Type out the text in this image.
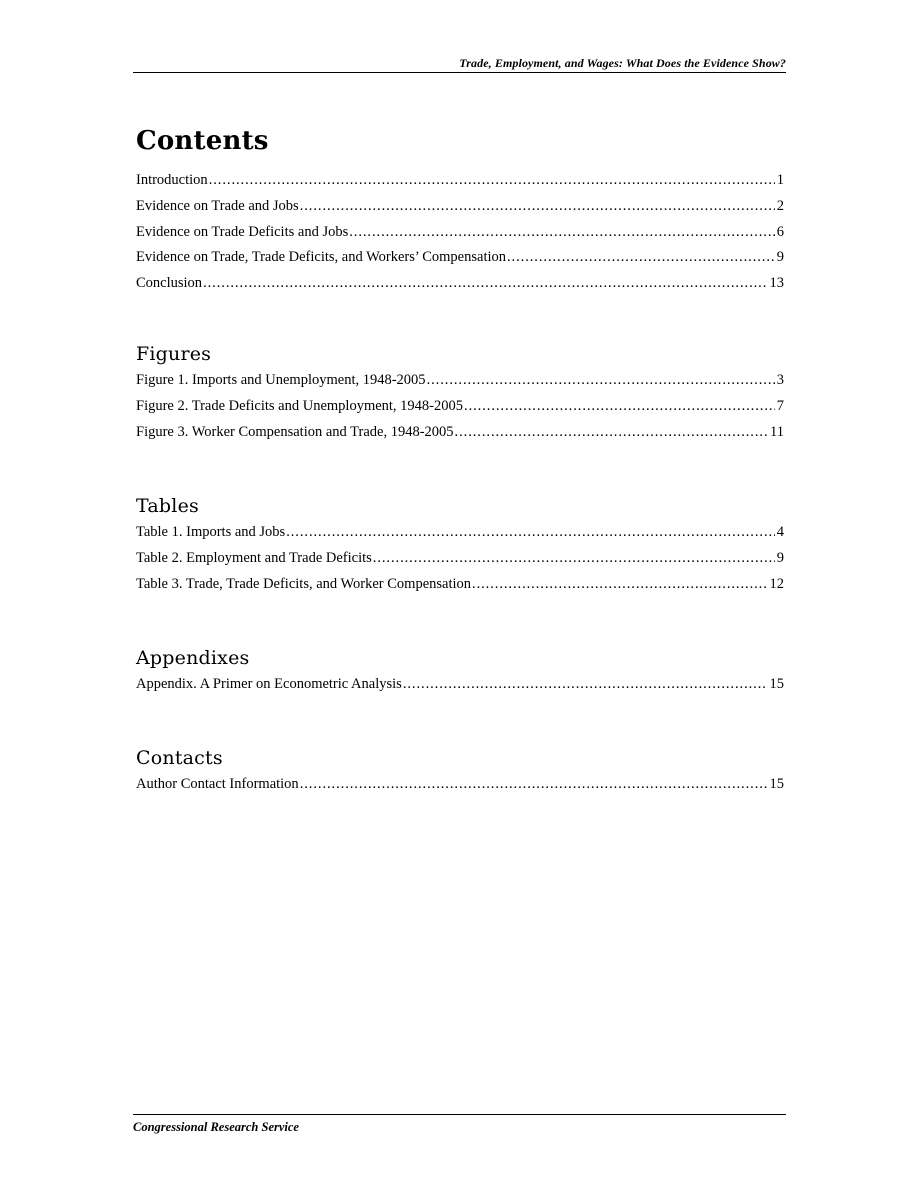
Trade, Employment, and Wages: What Does the Evidence Show?
Contents
Introduction . . .	1
Evidence on Trade and Jobs . . .	2
Evidence on Trade Deficits and Jobs . . .	6
Evidence on Trade, Trade Deficits, and Workers’ Compensation . . .	9
Conclusion . . .	13
Figures
Figure 1. Imports and Unemployment, 1948-2005 . . .	3
Figure 2. Trade Deficits and Unemployment, 1948-2005 . . .	7
Figure 3. Worker Compensation and Trade, 1948-2005 . . .	11
Tables
Table 1. Imports and Jobs . . .	4
Table 2. Employment and Trade Deficits . . .	9
Table 3. Trade, Trade Deficits, and Worker Compensation . . .	12
Appendixes
Appendix. A Primer on Econometric Analysis . . .	15
Contacts
Author Contact Information . . .	15
Congressional Research Service
